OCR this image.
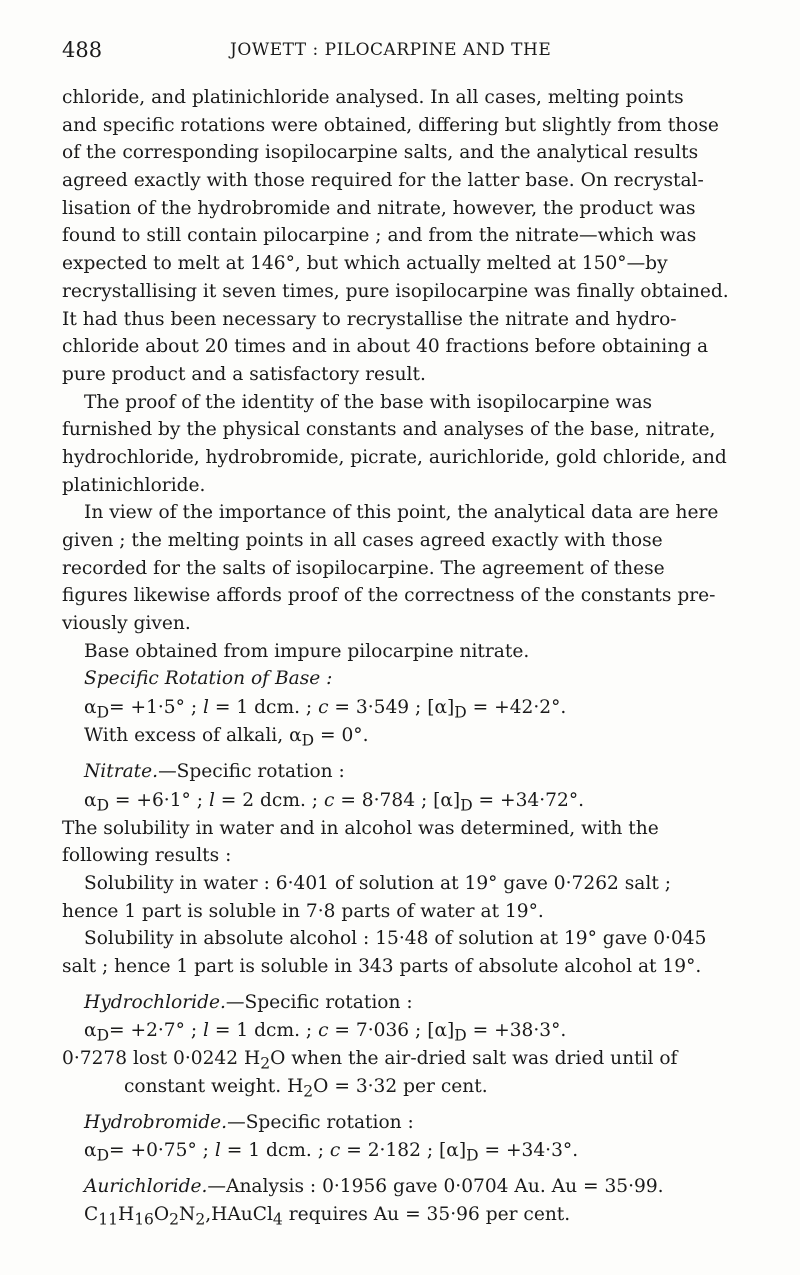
488	JOWETT : PILOCARPINE AND THE
chloride, and platinichloride analysed. In all cases, melting points
and specific rotations were obtained, differing but slightly from those
of the corresponding isopilocarpine salts, and the analytical results
agreed exactly with those required for the latter base. On recrystal-
lisation of the hydrobromide and nitrate, however, the product was
found to still contain pilocarpine ; and from the nitrate—which was
expected to melt at 146°, but which actually melted at 150°—by
recrystallising it seven times, pure isopilocarpine was finally obtained.
It had thus been necessary to recrystallise the nitrate and hydro-
chloride about 20 times and in about 40 fractions before obtaining a
pure product and a satisfactory result.
The proof of the identity of the base with isopilocarpine was
furnished by the physical constants and analyses of the base, nitrate,
hydrochloride, hydrobromide, picrate, aurichloride, gold chloride, and
platinichloride.
In view of the importance of this point, the analytical data are here
given ; the melting points in all cases agreed exactly with those
recorded for the salts of isopilocarpine. The agreement of these
figures likewise affords proof of the correctness of the constants pre-
viously given.
Base obtained from impure pilocarpine nitrate.
Specific Rotation of Base :
$\alpha_D= +1\cdot 5^\circ$ ; l = 1 dcm. ; c = 3·549 ; $[\alpha]_D = +42\cdot 2^\circ$.
With excess of alkali, $\alpha_D = 0^\circ$.
Nitrate.—Specific rotation :
$\alpha_D = +6\cdot 1^\circ$ ; l = 2 dcm. ; c = 8·784 ; $[\alpha]_D = +34\cdot 72^\circ$.
The solubility in water and in alcohol was determined, with the
following results :
Solubility in water : 6·401 of solution at 19° gave 0·7262 salt ;
hence 1 part is soluble in 7·8 parts of water at 19°.
Solubility in absolute alcohol : 15·48 of solution at 19° gave 0·045
salt ; hence 1 part is soluble in 343 parts of absolute alcohol at 19°.
Hydrochloride.—Specific rotation :
$\alpha_D= +2\cdot 7^\circ$ ; l = 1 dcm. ; c = 7·036 ; $[\alpha]_D = +38\cdot 3^\circ$.
0·7278 lost 0·0242 $H_2O$ when the air-dried salt was dried until of
constant weight. $H_2O = 3\cdot 32$ per cent.
Hydrobromide.—Specific rotation :
$\alpha_D= +0\cdot 75^\circ$ ; l = 1 dcm. ; c = 2·182 ; $[\alpha]_D = +34\cdot 3^\circ$.
Aurichloride.—Analysis : 0·1956 gave 0·0704 Au. Au = 35·99.
$C_{11}H_{16}O_2N_2,HAuCl_4$ requires Au = 35·96 per cent.
